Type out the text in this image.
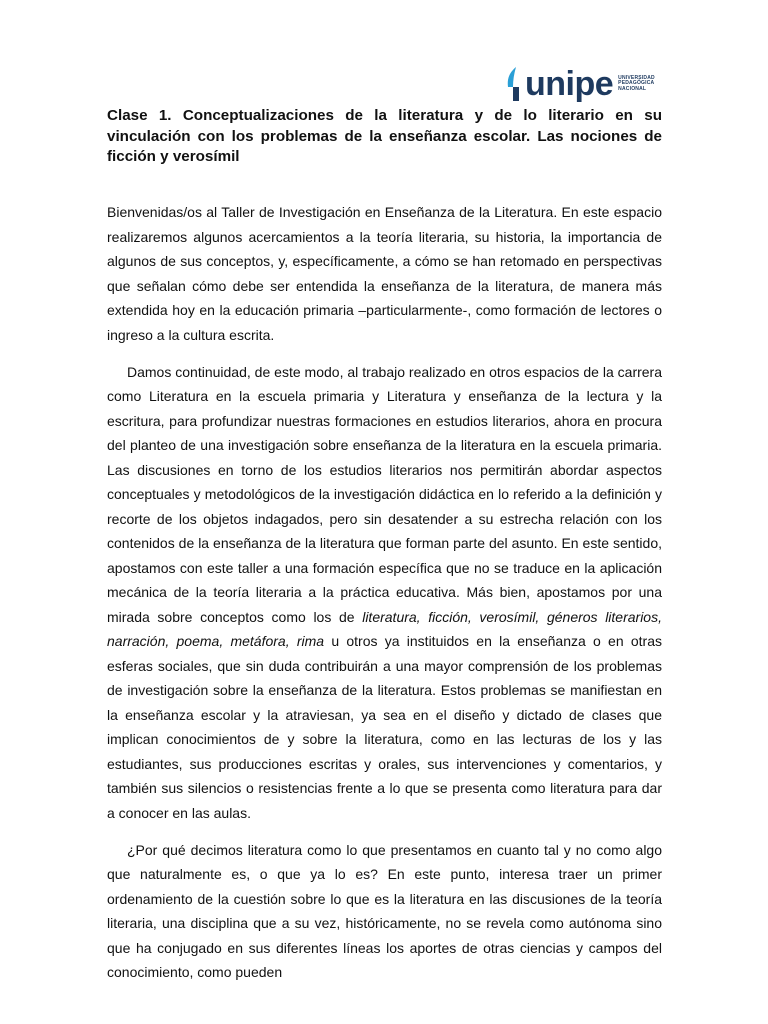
unipe UNIVERSIDAD
PEDAGÓGICA
NACIONAL
Clase 1. Conceptualizaciones de la literatura y de lo literario en su vinculación con los problemas de la enseñanza escolar. Las nociones de ficción y verosímil

Bienvenidas/os al Taller de Investigación en Enseñanza de la Literatura. En este espacio realizaremos algunos acercamientos a la teoría literaria, su historia, la importancia de algunos de sus conceptos, y, específicamente, a cómo se han retomado en perspectivas que señalan cómo debe ser entendida la enseñanza de la literatura, de manera más extendida hoy en la educación primaria –particularmente-, como formación de lectores o ingreso a la cultura escrita.

Damos continuidad, de este modo, al trabajo realizado en otros espacios de la carrera como Literatura en la escuela primaria y Literatura y enseñanza de la lectura y la escritura, para profundizar nuestras formaciones en estudios literarios, ahora en procura del planteo de una investigación sobre enseñanza de la literatura en la escuela primaria. Las discusiones en torno de los estudios literarios nos permitirán abordar aspectos conceptuales y metodológicos de la investigación didáctica en lo referido a la definición y recorte de los objetos indagados, pero sin desatender a su estrecha relación con los contenidos de la enseñanza de la literatura que forman parte del asunto. En este sentido, apostamos con este taller a una formación específica que no se traduce en la aplicación mecánica de la teoría literaria a la práctica educativa. Más bien, apostamos por una mirada sobre conceptos como los de literatura, ficción, verosímil, géneros literarios, narración, poema, metáfora, rima u otros ya instituidos en la enseñanza o en otras esferas sociales, que sin duda contribuirán a una mayor comprensión de los problemas de investigación sobre la enseñanza de la literatura. Estos problemas se manifiestan en la enseñanza escolar y la atraviesan, ya sea en el diseño y dictado de clases que implican conocimientos de y sobre la literatura, como en las lecturas de los y las estudiantes, sus producciones escritas y orales, sus intervenciones y comentarios, y también sus silencios o resistencias frente a lo que se presenta como literatura para dar a conocer en las aulas.

¿Por qué decimos literatura como lo que presentamos en cuanto tal y no como algo que naturalmente es, o que ya lo es? En este punto, interesa traer un primer ordenamiento de la cuestión sobre lo que es la literatura en las discusiones de la teoría literaria, una disciplina que a su vez, históricamente, no se revela como autónoma sino que ha conjugado en sus diferentes líneas los aportes de otras ciencias y campos del conocimiento, como pueden
